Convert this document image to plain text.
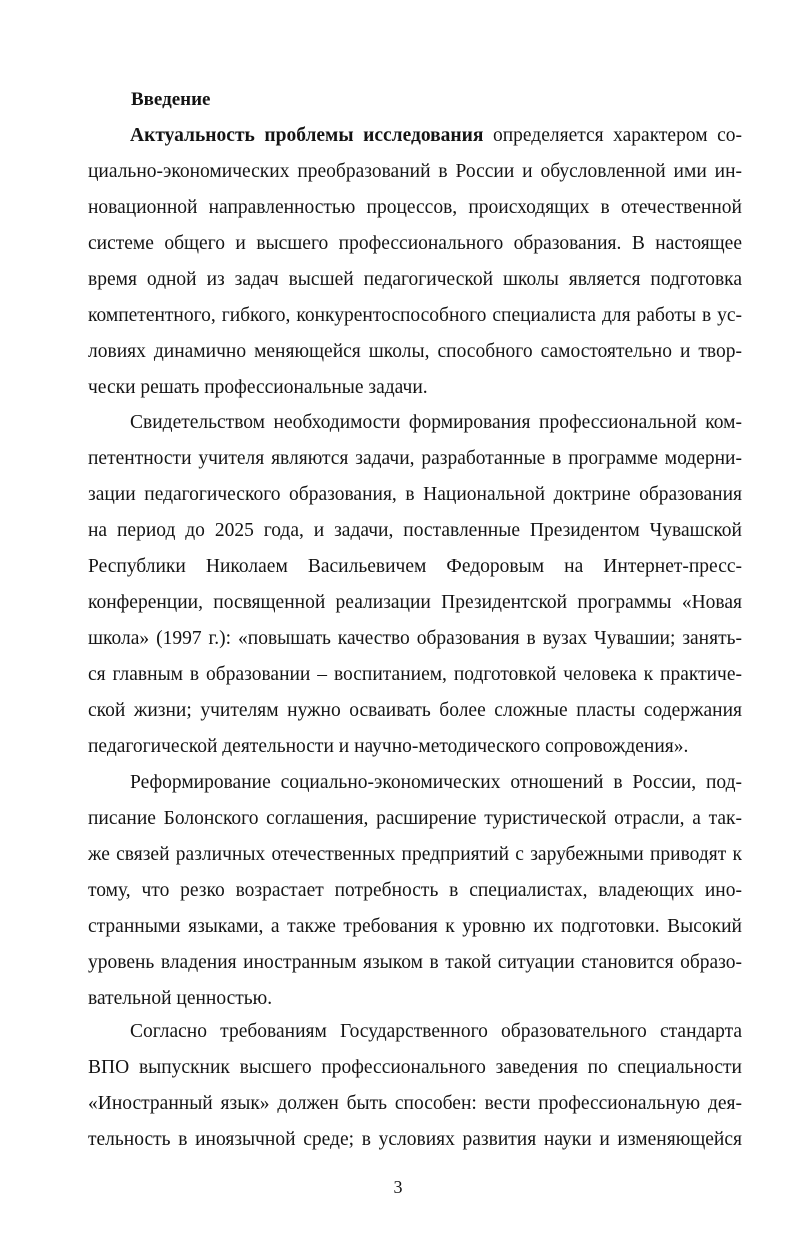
Введение
Актуальность проблемы исследования определяется характером со-
циально-экономических преобразований в России и обусловленной ими ин-
новационной направленностью процессов, происходящих в отечественной
системе общего и высшего профессионального образования. В настоящее
время одной из задач высшей педагогической школы является подготовка
компетентного, гибкого, конкурентоспособного специалиста для работы в ус-
ловиях динамично меняющейся школы, способного самостоятельно и твор-
чески решать профессиональные задачи.
Свидетельством необходимости формирования профессиональной ком-
петентности учителя являются задачи, разработанные в программе модерни-
зации педагогического образования, в Национальной доктрине образования
на период до 2025 года, и задачи, поставленные Президентом Чувашской
Республики Николаем Васильевичем Федоровым на Интернет-пресс-
конференции, посвященной реализации Президентской программы «Новая
школа» (1997 г.): «повышать качество образования в вузах Чувашии; занять-
ся главным в образовании – воспитанием, подготовкой человека к практиче-
ской жизни; учителям нужно осваивать более сложные пласты содержания
педагогической деятельности и научно-методического сопровождения».
Реформирование социально-экономических отношений в России, под-
писание Болонского соглашения, расширение туристической отрасли, а так-
же связей различных отечественных предприятий с зарубежными приводят к
тому, что резко возрастает потребность в специалистах, владеющих ино-
странными языками, а также требования к уровню их подготовки. Высокий
уровень владения иностранным языком в такой ситуации становится образо-
вательной ценностью.
Согласно требованиям Государственного образовательного стандарта
ВПО выпускник высшего профессионального заведения по специальности
«Иностранный язык» должен быть способен: вести профессиональную дея-
тельность в иноязычной среде; в условиях развития науки и изменяющейся
3
